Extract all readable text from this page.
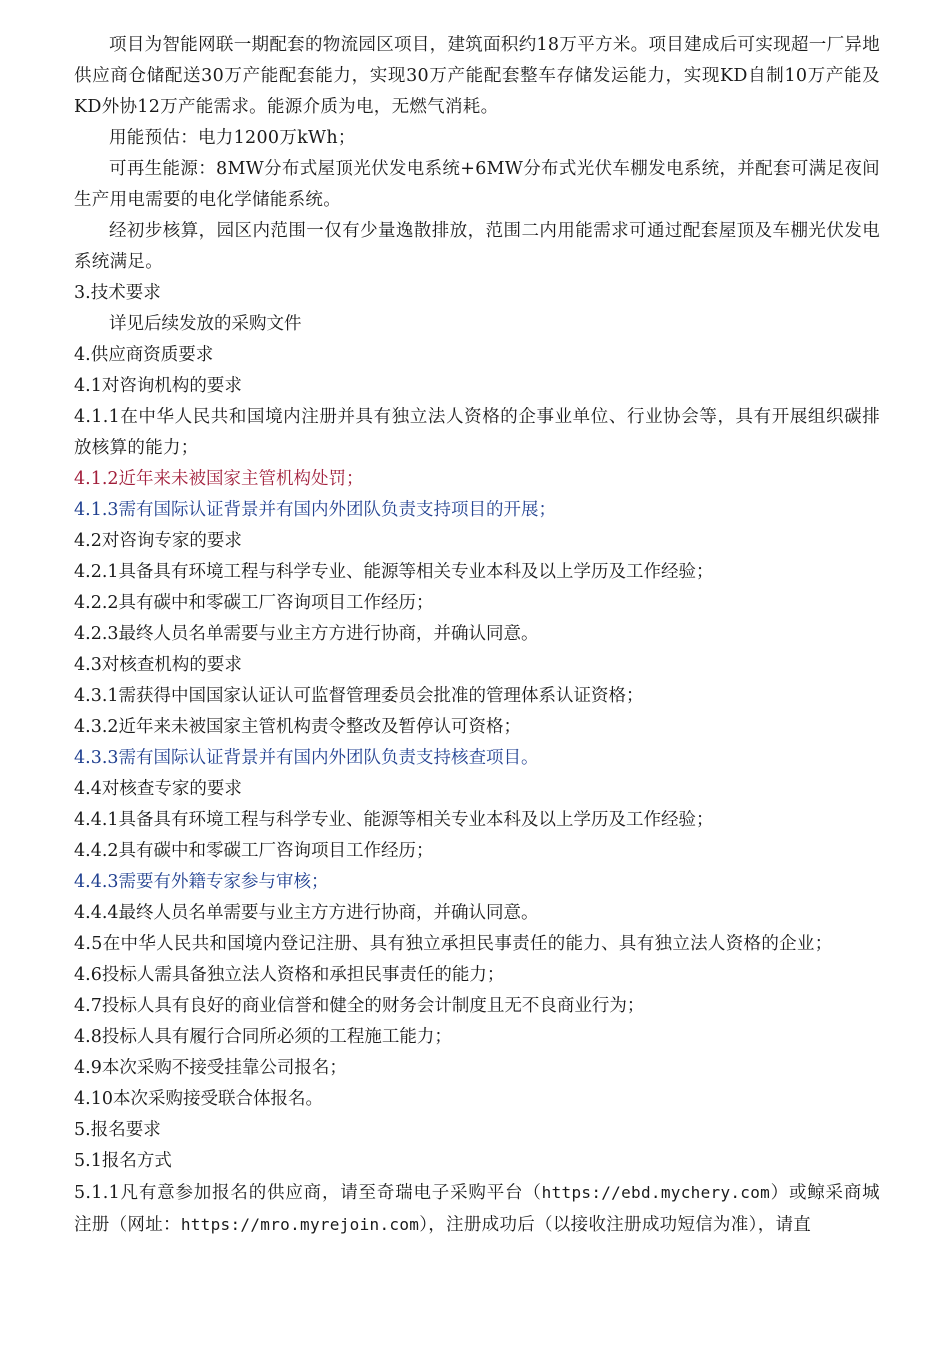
项目为智能网联一期配套的物流园区项目，建筑面积约18万平方米。项目建成后可实现超一厂异地供应商仓储配送30万产能配套能力，实现30万产能配套整车存储发运能力，实现KD自制10万产能及 KD外协12万产能需求。能源介质为电，无燃气消耗。
用能预估：电力1200万kWh；
可再生能源：8MW分布式屋顶光伏发电系统+6MW分布式光伏车棚发电系统，并配套可满足夜间生产用电需要的电化学储能系统。
经初步核算，园区内范围一仅有少量逸散排放，范围二内用能需求可通过配套屋顶及车棚光伏发电系统满足。
3.技术要求
详见后续发放的采购文件
4.供应商资质要求
4.1对咨询机构的要求
4.1.1在中华人民共和国境内注册并具有独立法人资格的企事业单位、行业协会等，具有开展组织碳排放核算的能力；
4.1.2近年来未被国家主管机构处罚；
4.1.3需有国际认证背景并有国内外团队负责支持项目的开展；
4.2对咨询专家的要求
4.2.1具备具有环境工程与科学专业、能源等相关专业本科及以上学历及工作经验；
4.2.2具有碳中和零碳工厂咨询项目工作经历；
4.2.3最终人员名单需要与业主方方进行协商，并确认同意。
4.3对核查机构的要求
4.3.1需获得中国国家认证认可监督管理委员会批准的管理体系认证资格；
4.3.2近年来未被国家主管机构责令整改及暂停认可资格；
4.3.3需有国际认证背景并有国内外团队负责支持核查项目。
4.4对核查专家的要求
4.4.1具备具有环境工程与科学专业、能源等相关专业本科及以上学历及工作经验；
4.4.2具有碳中和零碳工厂咨询项目工作经历；
4.4.3需要有外籍专家参与审核；
4.4.4最终人员名单需要与业主方方进行协商，并确认同意。
4.5在中华人民共和国境内登记注册、具有独立承担民事责任的能力、具有独立法人资格的企业；
4.6投标人需具备独立法人资格和承担民事责任的能力；
4.7投标人具有良好的商业信誉和健全的财务会计制度且无不良商业行为；
4.8投标人具有履行合同所必须的工程施工能力；
4.9本次采购不接受挂靠公司报名；
4.10本次采购接受联合体报名。
5.报名要求
5.1报名方式
5.1.1凡有意参加报名的供应商，请至奇瑞电子采购平台（https://ebd.mychery.com）或鲸采商城注册（网址：https://mro.myrejoin.com），注册成功后（以接收注册成功短信为准），请直
